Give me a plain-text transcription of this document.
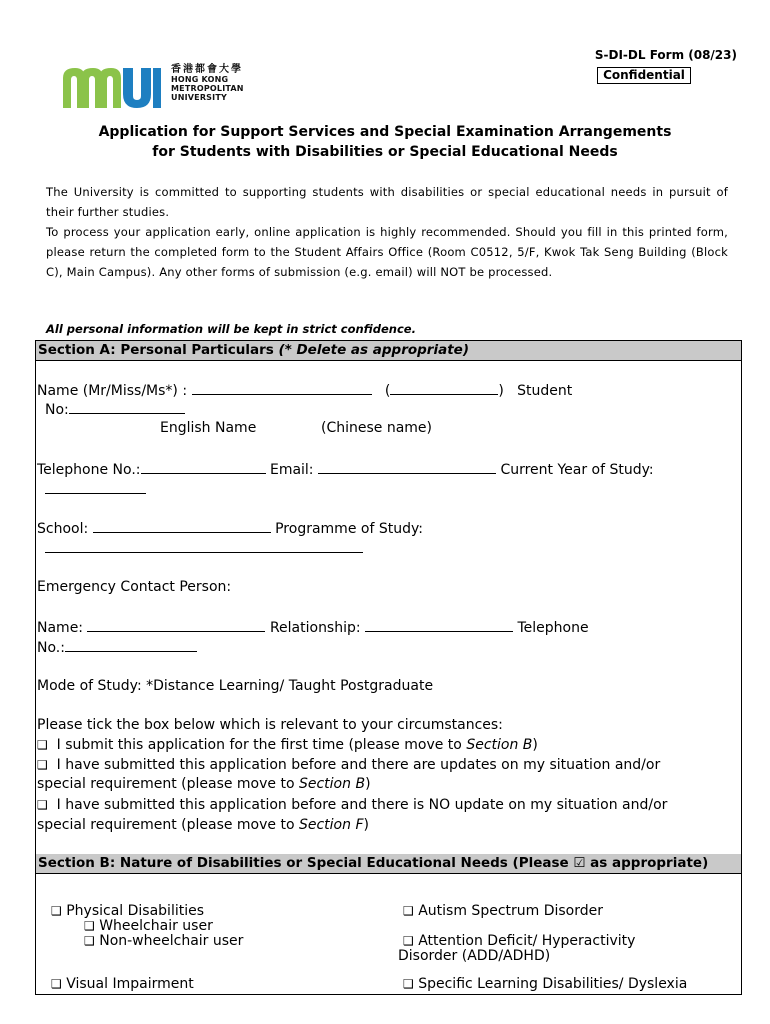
S-DI-DL Form (08/23)
Confidential
香港都會大學
HONG KONG
METROPOLITAN
UNIVERSITY
Application for Support Services and Special Examination Arrangements
for Students with Disabilities or Special Educational Needs

The University is committed to supporting students with disabilities or special educational needs in pursuit of their further studies.

To process your application early, online application is highly recommended. Should you fill in this printed form, please return the completed form to the Student Affairs Office (Room C0512, 5/F, Kwok Tak Seng Building (Block C), Main Campus). Any other forms of submission (e.g. email) will NOT be processed.

All personal information will be kept in strict confidence.
Section A: Personal Particulars (* Delete as appropriate)
Name (Mr/Miss/Ms*) :	(	)   Student
No:
English Name	(Chinese name)
Telephone No.:	Email:	Current Year of Study:
School:	Programme of Study:
Emergency Contact Person:
Name:	Relationship:	Telephone
No.:
Mode of Study: *Distance Learning/ Taught Postgraduate
Please tick the box below which is relevant to your circumstances:
❑ I submit this application for the first time (please move to Section B)
❑ I have submitted this application before and there are updates on my situation and/or
special requirement (please move to Section B)
❑ I have submitted this application before and there is NO update on my situation and/or
special requirement (please move to Section F)
Section B: Nature of Disabilities or Special Educational Needs (Please ☑ as appropriate)
❑ Physical Disabilities
❑ Wheelchair user
❑ Non-wheelchair user
❑ Autism Spectrum Disorder
❑ Attention Deficit/ Hyperactivity
Disorder (ADD/ADHD)
❑ Visual Impairment	❑ Specific Learning Disabilities/ Dyslexia
